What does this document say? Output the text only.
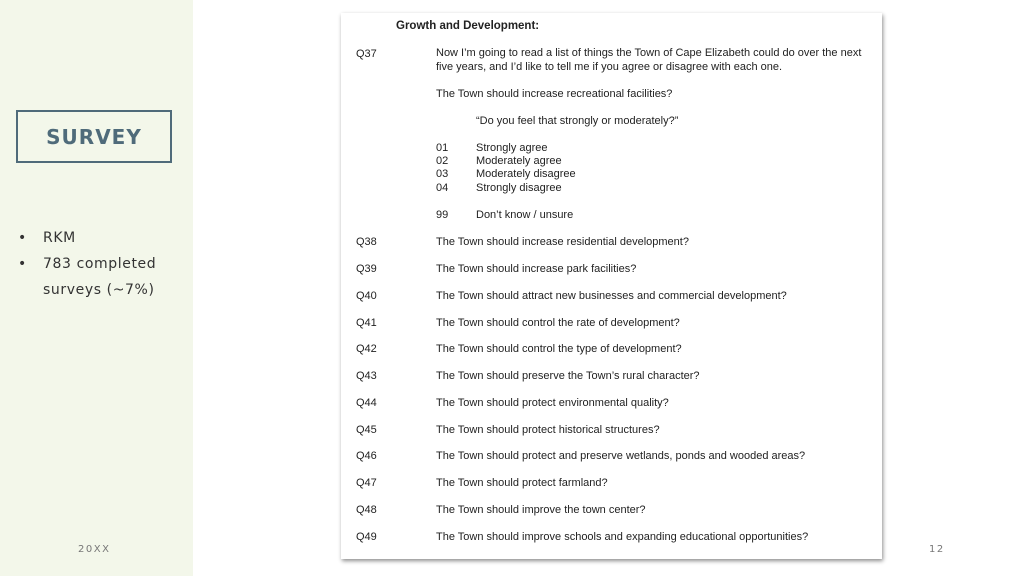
SURVEY
•	RKM
•	783 completed
surveys (~7%)
20XX	12
Growth and Development:
Q37	Now I’m going to read a list of things the Town of Cape Elizabeth could do over the next five years, and I’d like to tell me if you agree or disagree with each one.
The Town should increase recreational facilities?
“Do you feel that strongly or moderately?”
01	Strongly agree
02	Moderately agree
03	Moderately disagree
04	Strongly disagree
99	Don’t know / unsure
Q38	The Town should increase residential development?
Q39	The Town should increase park facilities?
Q40	The Town should attract new businesses and commercial development?
Q41	The Town should control the rate of development?
Q42	The Town should control the type of development?
Q43	The Town should preserve the Town’s rural character?
Q44	The Town should protect environmental quality?
Q45	The Town should protect historical structures?
Q46	The Town should protect and preserve wetlands, ponds and wooded areas?
Q47	The Town should protect farmland?
Q48	The Town should improve the town center?
Q49	The Town should improve schools and expanding educational opportunities?
